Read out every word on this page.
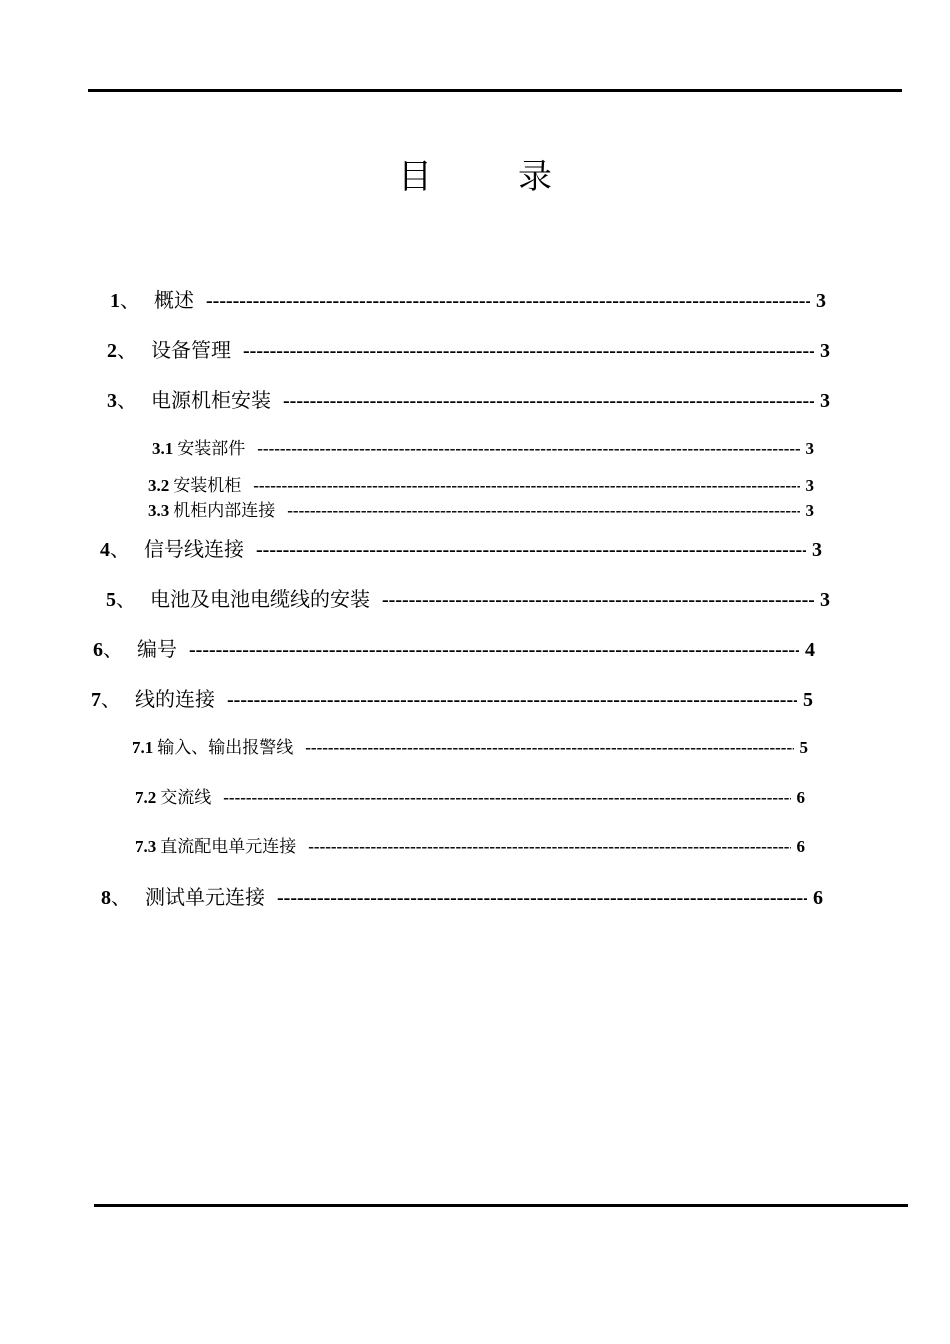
目	录
1 、 概述 -----	3
2 、 设备管理 -----	3
3 、 电源机柜安装 -----	3
3.1 安装部件 -----	3
3.2 安装机柜 -----	3
3.3 机柜内部连接 -----	3
4 、 信号线连接 -----	3
5 、 电池及电池电缆线的安装 -----	3
6 、 编号 -----	4
7 、 线的连接 -----	5
7.1 输入、输出报警线 -----	5
7.2 交流线 -----	6
7.3 直流配电单元连接 -----	6
8 、 测试单元连接 -----	6
